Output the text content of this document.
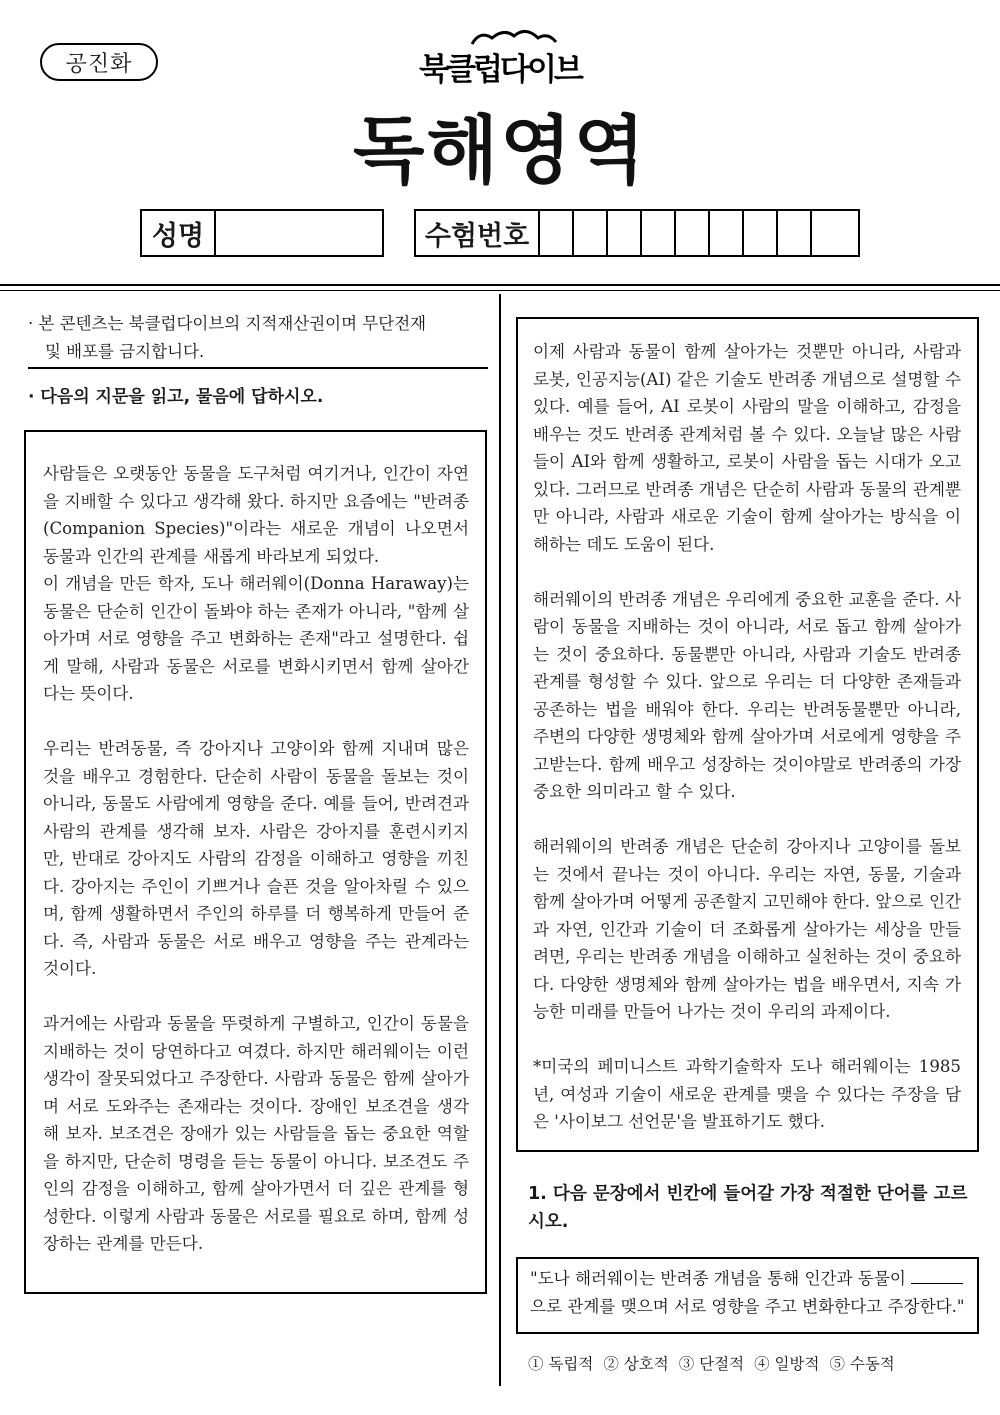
공진화	북클럽다이브
독해영역
성명	수험번호
· 본 콘텐츠는 북클럽다이브의 지적재산권이며 무단전재
및 배포를 금지합니다.
· 다음의 지문을 읽고, 물음에 답하시오.

사람들은 오랫동안 동물을 도구처럼 여기거나, 인간이 자연을 지배할 수 있다고 생각해 왔다. 하지만 요즘에는 "반려종(Companion Species)"이라는 새로운 개념이 나오면서 동물과 인간의 관계를 새롭게 바라보게 되었다.

이 개념을 만든 학자, 도나 해러웨이(Donna Haraway)는 동물은 단순히 인간이 돌봐야 하는 존재가 아니라, "함께 살아가며 서로 영향을 주고 변화하는 존재"라고 설명한다. 쉽게 말해, 사람과 동물은 서로를 변화시키면서 함께 살아간다는 뜻이다.

우리는 반려동물, 즉 강아지나 고양이와 함께 지내며 많은 것을 배우고 경험한다. 단순히 사람이 동물을 돌보는 것이 아니라, 동물도 사람에게 영향을 준다. 예를 들어, 반려견과 사람의 관계를 생각해 보자. 사람은 강아지를 훈련시키지만, 반대로 강아지도 사람의 감정을 이해하고 영향을 끼친다. 강아지는 주인이 기쁘거나 슬픈 것을 알아차릴 수 있으며, 함께 생활하면서 주인의 하루를 더 행복하게 만들어 준다. 즉, 사람과 동물은 서로 배우고 영향을 주는 관계라는 것이다.

과거에는 사람과 동물을 뚜렷하게 구별하고, 인간이 동물을 지배하는 것이 당연하다고 여겼다. 하지만 해러웨이는 이런 생각이 잘못되었다고 주장한다. 사람과 동물은 함께 살아가며 서로 도와주는 존재라는 것이다. 장애인 보조견을 생각해 보자. 보조견은 장애가 있는 사람들을 돕는 중요한 역할을 하지만, 단순히 명령을 듣는 동물이 아니다. 보조견도 주인의 감정을 이해하고, 함께 살아가면서 더 깊은 관계를 형성한다. 이렇게 사람과 동물은 서로를 필요로 하며, 함께 성장하는 관계를 만든다.

이제 사람과 동물이 함께 살아가는 것뿐만 아니라, 사람과 로봇, 인공지능(AI) 같은 기술도 반려종 개념으로 설명할 수 있다. 예를 들어, AI 로봇이 사람의 말을 이해하고, 감정을 배우는 것도 반려종 관계처럼 볼 수 있다. 오늘날 많은 사람들이 AI와 함께 생활하고, 로봇이 사람을 돕는 시대가 오고 있다. 그러므로 반려종 개념은 단순히 사람과 동물의 관계뿐만 아니라, 사람과 새로운 기술이 함께 살아가는 방식을 이해하는 데도 도움이 된다.

해러웨이의 반려종 개념은 우리에게 중요한 교훈을 준다. 사람이 동물을 지배하는 것이 아니라, 서로 돕고 함께 살아가는 것이 중요하다. 동물뿐만 아니라, 사람과 기술도 반려종 관계를 형성할 수 있다. 앞으로 우리는 더 다양한 존재들과 공존하는 법을 배워야 한다. 우리는 반려동물뿐만 아니라, 주변의 다양한 생명체와 함께 살아가며 서로에게 영향을 주고받는다. 함께 배우고 성장하는 것이야말로 반려종의 가장 중요한 의미라고 할 수 있다.

해러웨이의 반려종 개념은 단순히 강아지나 고양이를 돌보는 것에서 끝나는 것이 아니다. 우리는 자연, 동물, 기술과 함께 살아가며 어떻게 공존할지 고민해야 한다. 앞으로 인간과 자연, 인간과 기술이 더 조화롭게 살아가는 세상을 만들려면, 우리는 반려종 개념을 이해하고 실천하는 것이 중요하다. 다양한 생명체와 함께 살아가는 법을 배우면서, 지속 가능한 미래를 만들어 나가는 것이 우리의 과제이다.

*미국의 페미니스트 과학기술학자 도나 해러웨이는 1985년, 여성과 기술이 새로운 관계를 맺을 수 있다는 주장을 담은 '사이보그 선언문'을 발표하기도 했다.

1. 다음 문장에서 빈칸에 들어갈 가장 적절한 단어를 고르시오.
"도나 해러웨이는 반려종 개념을 통해 인간과 동물이 으로 관계를 맺으며 서로 영향을 주고 변화한다고 주장한다."
① 독립적 ② 상호적 ③ 단절적 ④ 일방적 ⑤ 수동적
